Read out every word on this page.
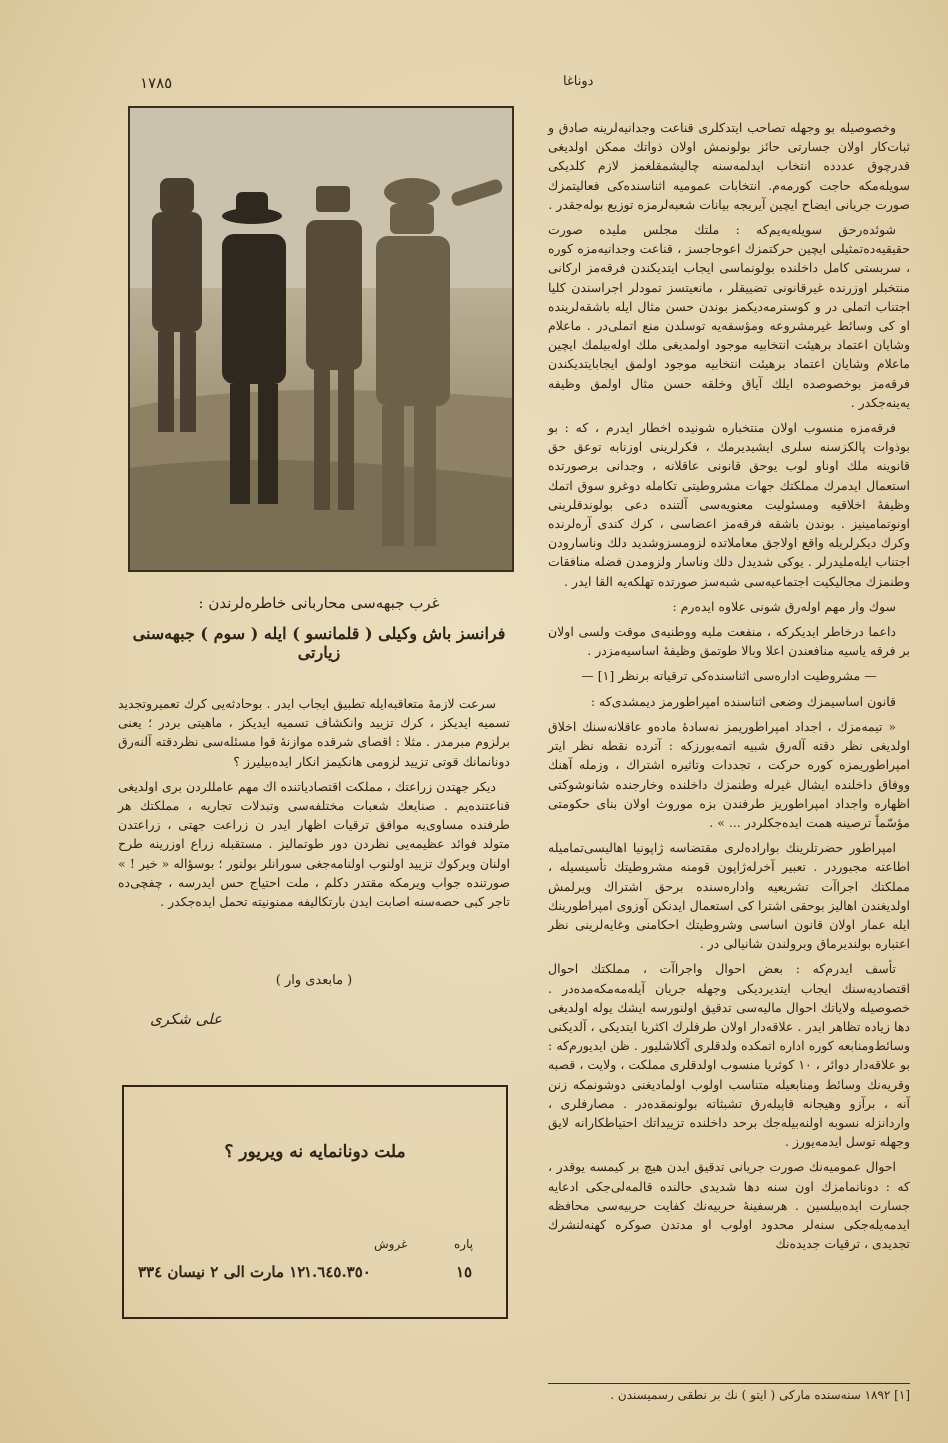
١٧٨٥	دوناغا

وخصوصیله بو وجهله تصاحب ایتدکلری قناعت وجدانیه‌لرینه صادق و ثبات‌کار اولان جسارتی حائز بولونمش اولان ذواتك ممکن اولدیغی قدرچوق عددده انتخاب ایدلمه‌سنه چالیشمقلغمز لازم کلدیکی سویله‌مکه حاجت کورمەم. انتخابات عمومیه اثناسنده‌کی فعالیتمزك صورت جریانی ایضاح ایچین آیریجه بیانات شعبه‌لرمزه توزیع بوله‌جقدر .

شوئده‌رحق سویله‌یه‌یم‌که : ملتك مجلس ملیده صورت حقیقیه‌ده‌تمثیلی ایچین حرکتمزك اعوجاجسز ، قناعت وجدانیه‌مزه کوره ، سربستی کامل داخلنده بولونماسی ایجاب ایتدیکندن فرقه‌مز ارکانی منتخبلر اوزرنده غیرقانونی تضییقلر ، مانعیتسز تمودلر اجراسندن کلیا اجتناب اتملی در و کوسترمه‌دیکمز بوندن حسن مثال ایله باشقه‌لرینده او کی وسائط غیرمشروعه ومؤسفه‌یه توسلدن منع اتملی‌در . ماعلام وشایان اعتماد برهیئت انتخابیه موجود اولمدیغی ملك اولەبیلمك ایچین ماعلام وشایان اعتماد برهیئت انتخابیه موجود اولمق ایجابایتدیکندن فرقه‌مز بوخصوصده ایلك آیاق وخلقه حسن مثال اولمق وظیفه یه‌ینه‌جکدر .

فرقه‌مزه منسوب اولان منتخباره شونیده اخطار ایدرم ، که : بو بوذوات پالکزسنه سلری ایشیدیرمك ، فکرلرینی اوزنابه توعق حق قانوینه ملك اوناو لوب یوحق قانونی عاقلانه ، وجدانی برصورتده استعمال ایدمرك مملکتك جهات مشروطیتی تکامله دوغرو سوق اتمك وظیفهٔ اخلاقیه ومسئولیت معنویه‌سی آلتنده دعی بولوندقلرینی اونوتمامینیز . بوندن باشقه فرقه‌مز اعضاسی ، کرك کندی آرەلرنده وکرك دیکرلریله واقع اولاجق معاملاتده لزومسزوشدید دلك وناسارودن اجتناب ایله‌ملیدرلر . یوکی شدیدل دلك وناسار ولزومدن فضله منافقات وطنمزك مجالیکیت اجتماعیه‌سی شبه‌سز صورتده تهلکه‌یه القا ایدر .

سوك وار مهم اولەرق شونی علاوه ایده‌رم :

داعما درخاطر ایدیکرکه ، منفعت ملیه ووطنیه‌ی موقت ولسی اولان بر فرقه یاسیه منافعندن اعلا وبالا طوتمق وظیفهٔ اساسیه‌مزدر .

— مشروطیت اداره‌سی اثناسنده‌کی ترقیاته برنظر [١] —

قانون اساسیمزك وضعی اثناسنده امپراطورمز دیمشدی‌که :

« تیمه‌مزك ، اجداد امپراطوریمز نه‌سادهٔ مادەو عاقلانه‌سنك اخلاق اولدیغی نظر دقته آلەرق شبیه اتمه‌بورزکه : آترده نقطه نظر ایتر امپراطوریمزه کوره حرکت ، تجددات وتاثیره اشتراك ، وزمله آهنك ووفاق داخلنده ایشال غیرله وطنمزك داخلنده وخارجنده شانوشوکتی اظهاره واجداد امپراطوریز طرفندن بزه موروث اولان بنای حکومتی مؤسّماً ترصینه همت ایده‌جکلردر ... » .

امپراطور حضرتلرینك بواراده‌لری مقتضاسه ژاپونیا اهالیسی‌تمامیله اطاعته مجبوردر . تعبیر آخرله‌ژاپون قومنه مشروطیتك تأسیسیله ، مملکتك اجراآت تشریعیه واداره‌سنده برحق اشتراك ویرلمش اولدیغندن اهالیز بوحقی اشترا کی استعمال ایدنکن آوزوی امپراطورینك ایله عمار اولان قانون اساسی وشروطیتك احکامنی وغایه‌لرینی نظر اعتباره بولندیرماق وبرولندن شانیالی در .

تأسف ایدرم‌که : بعض احوال واجراآت ، مملکتك احوال اقتصادیه‌سنك ایجاب ایتدیردیکی وجهله جریان آیله‌مه‌مکه‌مده‌در . خصوصیله ولایاتك احوال مالیه‌سی تدقیق اولنورسه ایشك یوله اولدیغی دها زیاده تظاهر ایدر . علاقه‌دار اولان طرفلرك اکثریا ایتدیکی ، آلدیکنی وسائط‌ومنابعه کوره اداره اتمکده ولدقلری آکلاشلیور . ظن ایدیورم‌که : بو علاقه‌دار دوائر ، ١٠ کوثریا منسوب اولدقلری مملکت ، ولایت ، قصبه وقریه‌نك وسائط ومنابعیله متناسب اولوب اولمادیغنی دوشونمکه زنن آنه ، برآزو وهیجانه قاپیله‌رق تشبثاته بولونمقده‌در . مصارفلری ، واردانزله نسوبه اولنه‌بیله‌جك برحد داخلنده تزییداتك احتیاطکارانه لایق وجهله توسل ایدمه‌یورز .

احوال عمومیه‌نك صورت جریانی تدقیق ایدن هیچ بر کیمسه یوقدر ، که : دونانمامزك اون سنه دها شدیدی حالنده قالمه‌لی‌جکی ادعایه جسارت ایده‌بیلسین . هرسفینهٔ حربیه‌نك کفایت حربیه‌سی محافظه ایدمه‌یله‌جکی سنه‌لر محدود اولوب او مدتدن صوکره کهنه‌لنشرك تجدیدی ، ترقیات جدیدەنك

غرب جبهه‌سی محاربانی خاطره‌لرندن :
فرانسز باش وکیلی ( قلمانسو ) ایله ( سوم ) جبهه‌سنی زیارتی

سرعت لازمهٔ متعاقبه‌ایله تطبیق ایجاب ایدر . بوحادثه‌یی کرك تعمیروتجدید تسمیه ایدیکز ، کرك تزیید وانکشاف تسمیه ایدیکز ، ماهیتی بردر ؛ یعنی برلزوم مبرمدر . مثلا : اقصای شرقده موازنهٔ قوا مسئله‌سی نظردقته آلنه‌رق دونانمانك قوتی تزیید لزومی هانکیمز انکار ایده‌بیلیرز ؟

دیکر جهتدن زراعتك ، مملکت اقتصادیاتنده اك مهم عامللردن بری اولدیغی قناعتنده‌یم . صنایعك شعبات مختلفه‌سی وتبدلات تجاریه ، مملکتك هر طرفنده مساوی‌یه موافق ترقیات اظهار ایدر ن زراعت جهتی ، زراعتدن متولد فوائد عظیمه‌یی نظردن دور طوتمالیز . مستقبله زراع اوزرینه طرح اولنان ویرکوك تزیید اولنوب اولنامه‌جغی سورانلر بولنور ؛ بوسؤاله « خیر ! » صورتنده جواب ویرمکه مقتدر دکلم ، ملت احتیاج حس ایدرسه ، چفچی‌ده تاجر کبی حصه‌سنه اصابت ایدن بارتکالیفه ممنونیته تحمل ایده‌جکدر .

( مابعدی وار )
علی شکری
ملت دونانمایه نه ویریور ؟
پاره
غروش
١٥
١.٦٤٥.٣٥٠
١٢ مارت الی ٢ نیسان ٣٣٤
[١] ١٨٩٢ سنه‌سنده مارکی ( ایتو ) نك بر نطقی رسمیسندن .
